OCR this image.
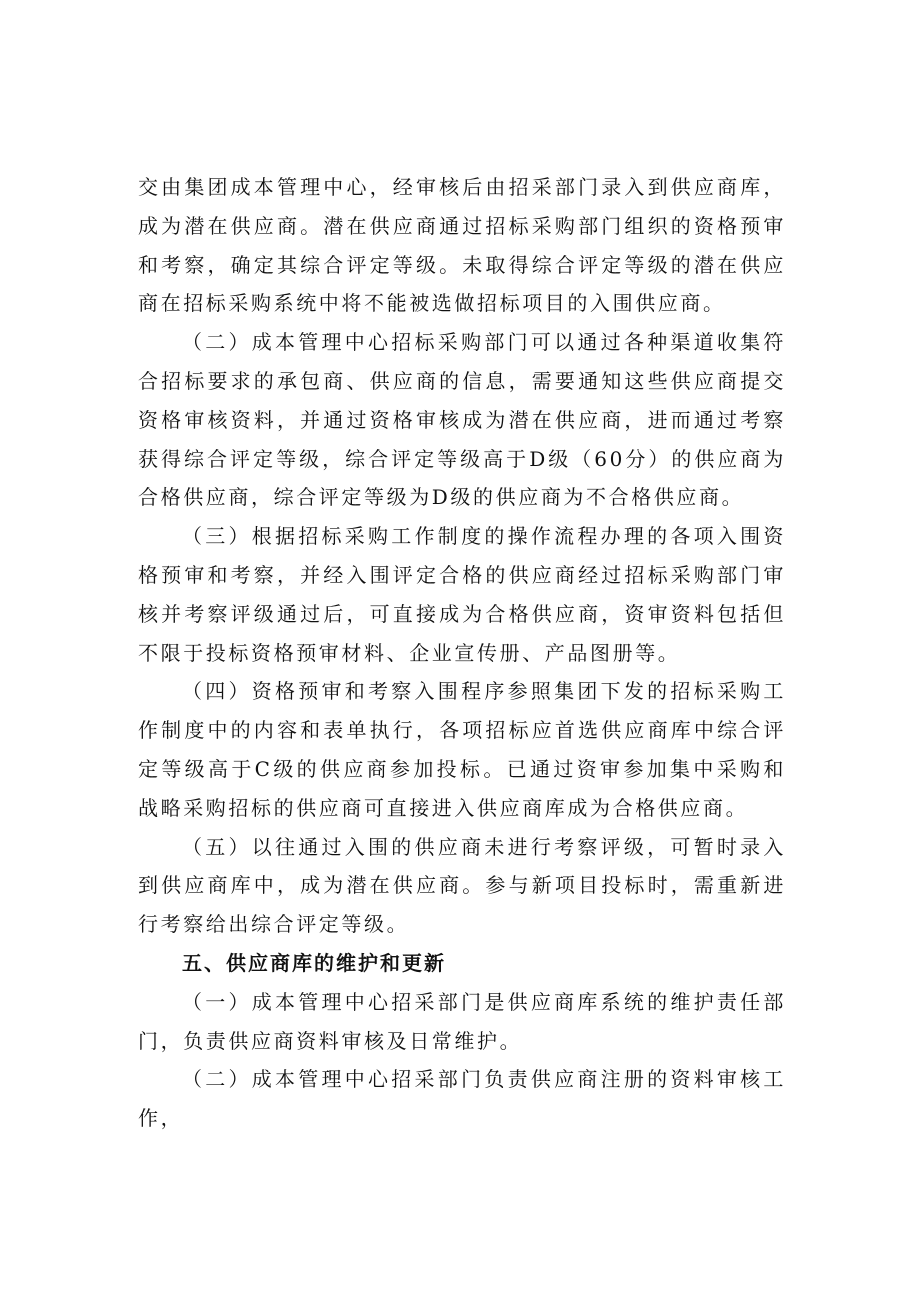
交由集团成本管理中心，经审核后由招采部门录入到供应商库，成为潜在供应商。潜在供应商通过招标采购部门组织的资格预审和考察，确定其综合评定等级。未取得综合评定等级的潜在供应商在招标采购系统中将不能被选做招标项目的入围供应商。

（二）成本管理中心招标采购部门可以通过各种渠道收集符合招标要求的承包商、供应商的信息，需要通知这些供应商提交资格审核资料，并通过资格审核成为潜在供应商，进而通过考察获得综合评定等级，综合评定等级高于D级（60分）的供应商为合格供应商，综合评定等级为D级的供应商为不合格供应商。

（三）根据招标采购工作制度的操作流程办理的各项入围资格预审和考察，并经入围评定合格的供应商经过招标采购部门审核并考察评级通过后，可直接成为合格供应商，资审资料包括但不限于投标资格预审材料、企业宣传册、产品图册等。

（四）资格预审和考察入围程序参照集团下发的招标采购工作制度中的内容和表单执行，各项招标应首选供应商库中综合评定等级高于C级的供应商参加投标。已通过资审参加集中采购和战略采购招标的供应商可直接进入供应商库成为合格供应商。

（五）以往通过入围的供应商未进行考察评级，可暂时录入到供应商库中，成为潜在供应商。参与新项目投标时，需重新进行考察给出综合评定等级。

五、供应商库的维护和更新

（一）成本管理中心招采部门是供应商库系统的维护责任部门，负责供应商资料审核及日常维护。

（二）成本管理中心招采部门负责供应商注册的资料审核工作，
